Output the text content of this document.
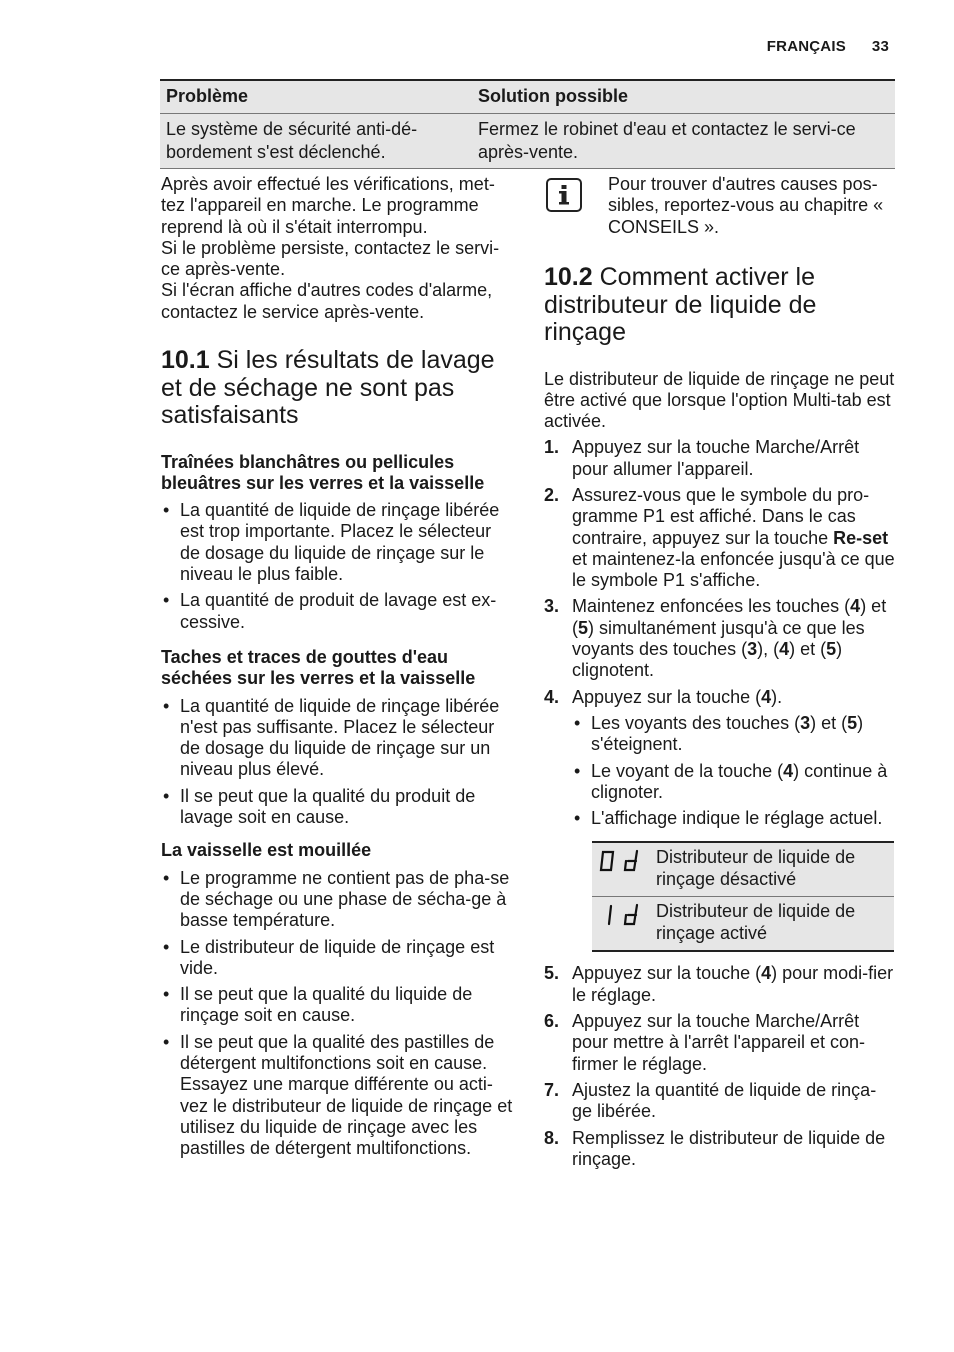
FRANÇAIS 33
Problème	Solution possible
Le système de sécurité anti-dé-bordement s'est déclenché.	Fermez le robinet d'eau et contactez le servi-ce après-vente.

Après avoir effectué les vérifications, met-tez l'appareil en marche. Le programme reprend là où il s'était interrompu.

Si le problème persiste, contactez le servi-ce après-vente.

Si l'écran affiche d'autres codes d'alarme, contactez le service après-vente.

10.1 Si les résultats de lavage et de séchage ne sont pas satisfaisants
Traînées blanchâtres ou pellicules bleuâtres sur les verres et la vaisselle
• La quantité de liquide de rinçage libérée est trop importante. Placez le sélecteur de dosage du liquide de rinçage sur le niveau le plus faible.
• La quantité de produit de lavage est ex-cessive.
Taches et traces de gouttes d'eau séchées sur les verres et la vaisselle
• La quantité de liquide de rinçage libérée n'est pas suffisante. Placez le sélecteur de dosage du liquide de rinçage sur un niveau plus élevé.
• Il se peut que la qualité du produit de lavage soit en cause.
La vaisselle est mouillée
• Le programme ne contient pas de pha-se de séchage ou une phase de sécha-ge à basse température.
• Le distributeur de liquide de rinçage est vide.
• Il se peut que la qualité du liquide de rinçage soit en cause.
• Il se peut que la qualité des pastilles de détergent multifonctions soit en cause. Essayez une marque différente ou acti-vez le distributeur de liquide de rinçage et utilisez du liquide de rinçage avec les pastilles de détergent multifonctions.

Pour trouver d'autres causes pos-sibles, reportez-vous au chapitre « CONSEILS ».

10.2 Comment activer le distributeur de liquide de rinçage

Le distributeur de liquide de rinçage ne peut être activé que lorsque l'option Multi-tab est activée.

1. Appuyez sur la touche Marche/Arrêt pour allumer l'appareil.
2. Assurez-vous que le symbole du pro-gramme P1 est affiché. Dans le cas contraire, appuyez sur la touche Re-set et maintenez-la enfoncée jusqu'à ce que le symbole P1 s'affiche.
3. Maintenez enfoncées les touches (4) et (5) simultanément jusqu'à ce que les voyants des touches (3), (4) et (5) clignotent.
4. Appuyez sur la touche (4).
• Les voyants des touches (3) et (5) s'éteignent.
• Le voyant de la touche (4) continue à clignoter.
• L'affichage indique le réglage actuel.
	Distributeur de liquide de rinçage désactivé
	Distributeur de liquide de rinçage activé
5. Appuyez sur la touche (4) pour modi-fier le réglage.
6. Appuyez sur la touche Marche/Arrêt pour mettre à l'arrêt l'appareil et con-firmer le réglage.
7. Ajustez la quantité de liquide de rinça-ge libérée.
8. Remplissez le distributeur de liquide de rinçage.
